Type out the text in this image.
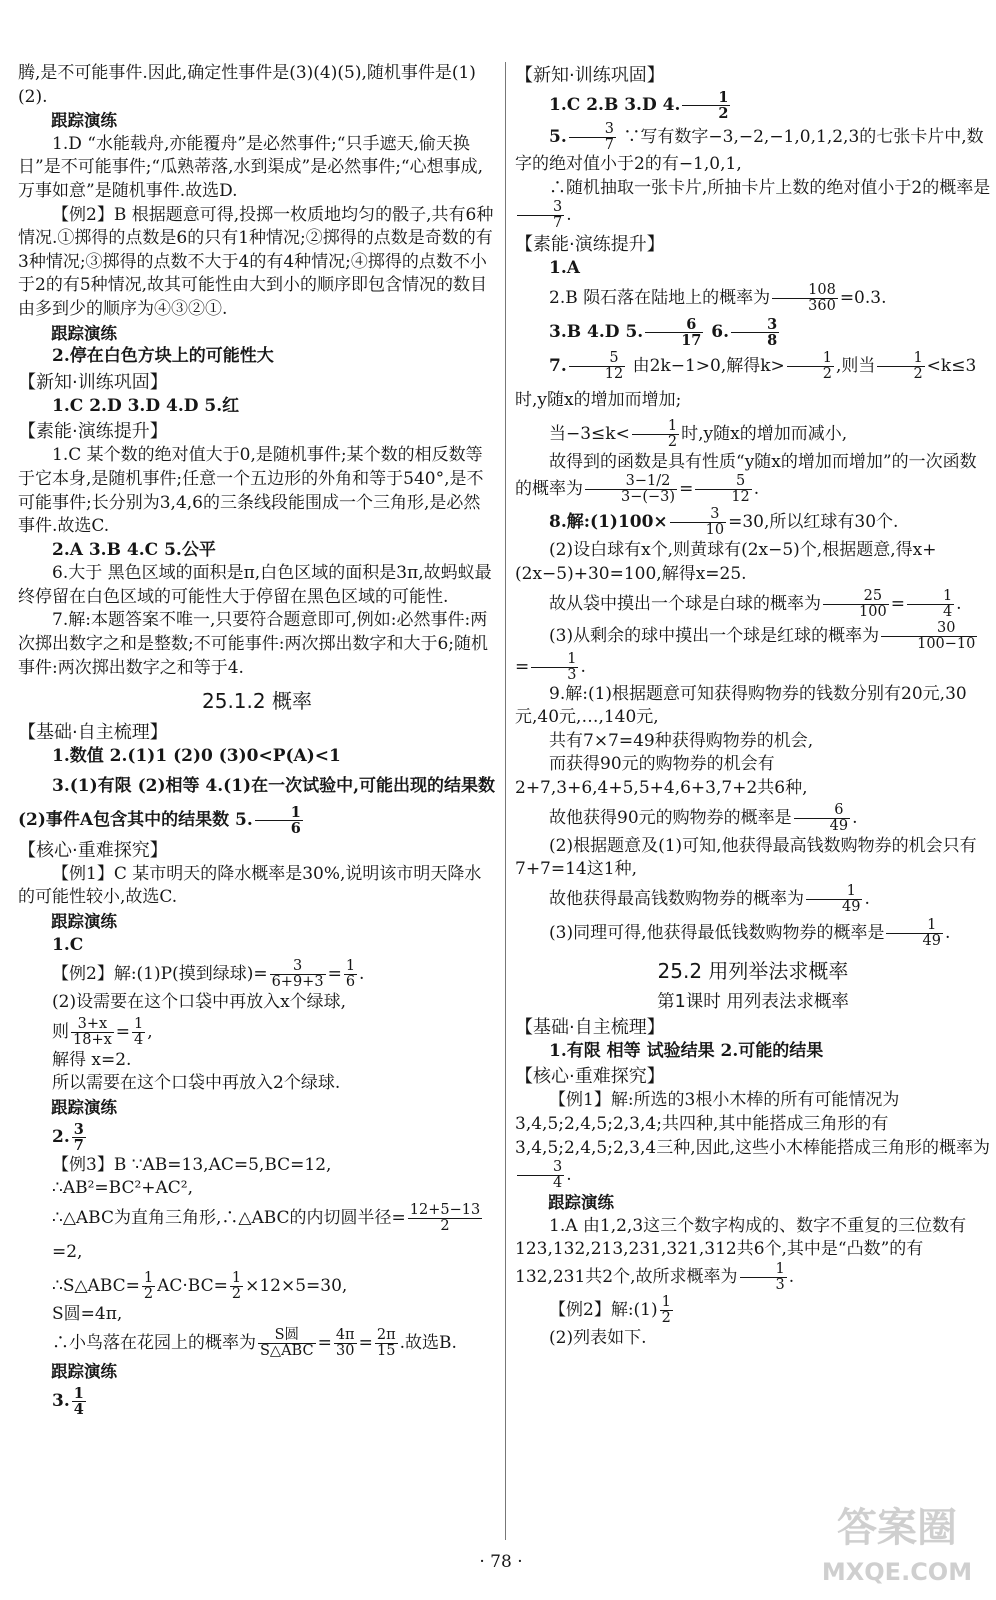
腾,是不可能事件.因此,确定性事件是(3)(4)(5),随机事件是(1)(2).

跟踪演练

1.D “水能载舟,亦能覆舟”是必然事件;“只手遮天,偷天换日”是不可能事件;“瓜熟蒂落,水到渠成”是必然事件;“心想事成,万事如意”是随机事件.故选D.

【例2】B 根据题意可得,投掷一枚质地均匀的骰子,共有6种情况.①掷得的点数是6的只有1种情况;②掷得的点数是奇数的有3种情况;③掷得的点数不大于4的有4种情况;④掷得的点数不小于2的有5种情况,故其可能性由大到小的顺序即包含情况的数目由多到少的顺序为④③②①.

跟踪演练

2.停在白色方块上的可能性大

【新知·训练巩固】

1.C 2.D 3.D 4.D 5.红

【素能·演练提升】

1.C 某个数的绝对值大于0,是随机事件;某个数的相反数等于它本身,是随机事件;任意一个五边形的外角和等于540°,是不可能事件;长分别为3,4,6的三条线段能围成一个三角形,是必然事件.故选C.

2.A 3.B 4.C 5.公平

6.大于 黑色区域的面积是π,白色区域的面积是3π,故蚂蚁最终停留在白色区域的可能性大于停留在黑色区域的可能性.

7.解:本题答案不唯一,只要符合题意即可,例如:必然事件:两次掷出数字之和是整数;不可能事件:两次掷出数字和大于6;随机事件:两次掷出数字之和等于4.

25.1.2 概率

【基础·自主梳理】

1.数值 2.(1)1 (2)0 (3)0<P(A)<1

3.(1)有限 (2)相等 4.(1)在一次试验中,可能出现的结果数 (2)事件A包含其中的结果数 5. $\frac{1}{6}$

【核心·重难探究】

【例1】C 某市明天的降水概率是30%,说明该市明天降水的可能性较小,故选C.

跟踪演练

1.C

【例2】解:(1)P(摸到绿球)= $\frac{3}{6+9+3} = \frac{1}{6}$ .

(2)设需要在这个口袋中再放入x个绿球,

则 $\frac{3+x}{18+x} = \frac{1}{4}$ ,

解得 x=2.

所以需要在这个口袋中再放入2个绿球.

跟踪演练

2. $\frac{3}{7}$

【例3】B ∵AB=13,AC=5,BC=12,

∴AB²=BC²+AC²,

∴△ABC为直角三角形,∴△ABC的内切圆半径= $\frac{12+5-13}{2}$
=2,

∴S△ABC= $\frac{1}{2} AC\cdot BC= \frac{1}{2} \times 12\times 5=30$,

S圆=4π,

∴小鸟落在花园上的概率为 $\frac{\text{S圆}}{\text{S△ABC}} = \frac{4\pi}{30} = \frac{2\pi}{15}$ .故选B.

跟踪演练

3. $\frac{1}{4}$

【新知·训练巩固】

1.C 2.B 3.D 4. $\frac{1}{2}$

5. $\frac{3}{7}$ ∵写有数字−3,−2,−1,0,1,2,3的七张卡片中,数字的绝对值小于2的有−1,0,1,

∴随机抽取一张卡片,所抽卡片上数的绝对值小于2的概率是
$\frac{3}{7}$ .

【素能·演练提升】

1.A

2.B 陨石落在陆地上的概率为 $\frac{108}{360} =0.3$.

3.B 4.D 5. $\frac{6}{17} 6$. $\frac{3}{8}$

7. $\frac{5}{12}$ 由2k−1>0,解得$k> \frac{1}{2}$ ,则当 $\frac{1}{2} <k\le 3$时,y随x的增加而增加;

当$-3\le k< \frac{1}{2}$ 时,y随x的增加而减小,

故得到的函数是具有性质“y随x的增加而增加”的一次函数的概率为 $\frac{3-1/2}{3-(-3)} = \frac{5}{12}$ .

8.解:(1)100× $\frac{3}{10} =30$,所以红球有30个.

(2)设白球有x个,则黄球有(2x−5)个,根据题意,得x+(2x−5)+30=100,解得x=25.

故从袋中摸出一个球是白球的概率为 $\frac{25}{100} = \frac{1}{4}$ .

(3)从剩余的球中摸出一个球是红球的概率为 $\frac{30}{100-10}$
= $\frac{1}{3}$ .

9.解:(1)根据题意可知获得购物券的钱数分别有20元,30元,40元,…,140元,

共有7×7=49种获得购物券的机会,

而获得90元的购物券的机会有2+7,3+6,4+5,5+4,6+3,7+2共6种,

故他获得90元的购物券的概率是 $\frac{6}{49}$ .

(2)根据题意及(1)可知,他获得最高钱数购物券的机会只有7+7=14这1种,

故他获得最高钱数购物券的概率为 $\frac{1}{49}$ .

(3)同理可得,他获得最低钱数购物券的概率是 $\frac{1}{49}$ .

25.2 用列举法求概率
第1课时 用列表法求概率

【基础·自主梳理】

1.有限 相等 试验结果 2.可能的结果

【核心·重难探究】

【例1】解:所选的3根小木棒的所有可能情况为3,4,5;2,4,5;2,3,4;共四种,其中能搭成三角形的有3,4,5;2,4,5;2,3,4三种,因此,这些小木棒能搭成三角形的概率为
$\frac{3}{4}$ .

跟踪演练

1.A 由1,2,3这三个数字构成的、数字不重复的三位数有123,132,213,231,321,312共6个,其中是“凸数”的有132,231共2个,故所求概率为 $\frac{1}{3}$ .

【例2】解:(1) $\frac{1}{2}$

(2)列表如下.

· 78 ·
答案圈
MXQE.COM
